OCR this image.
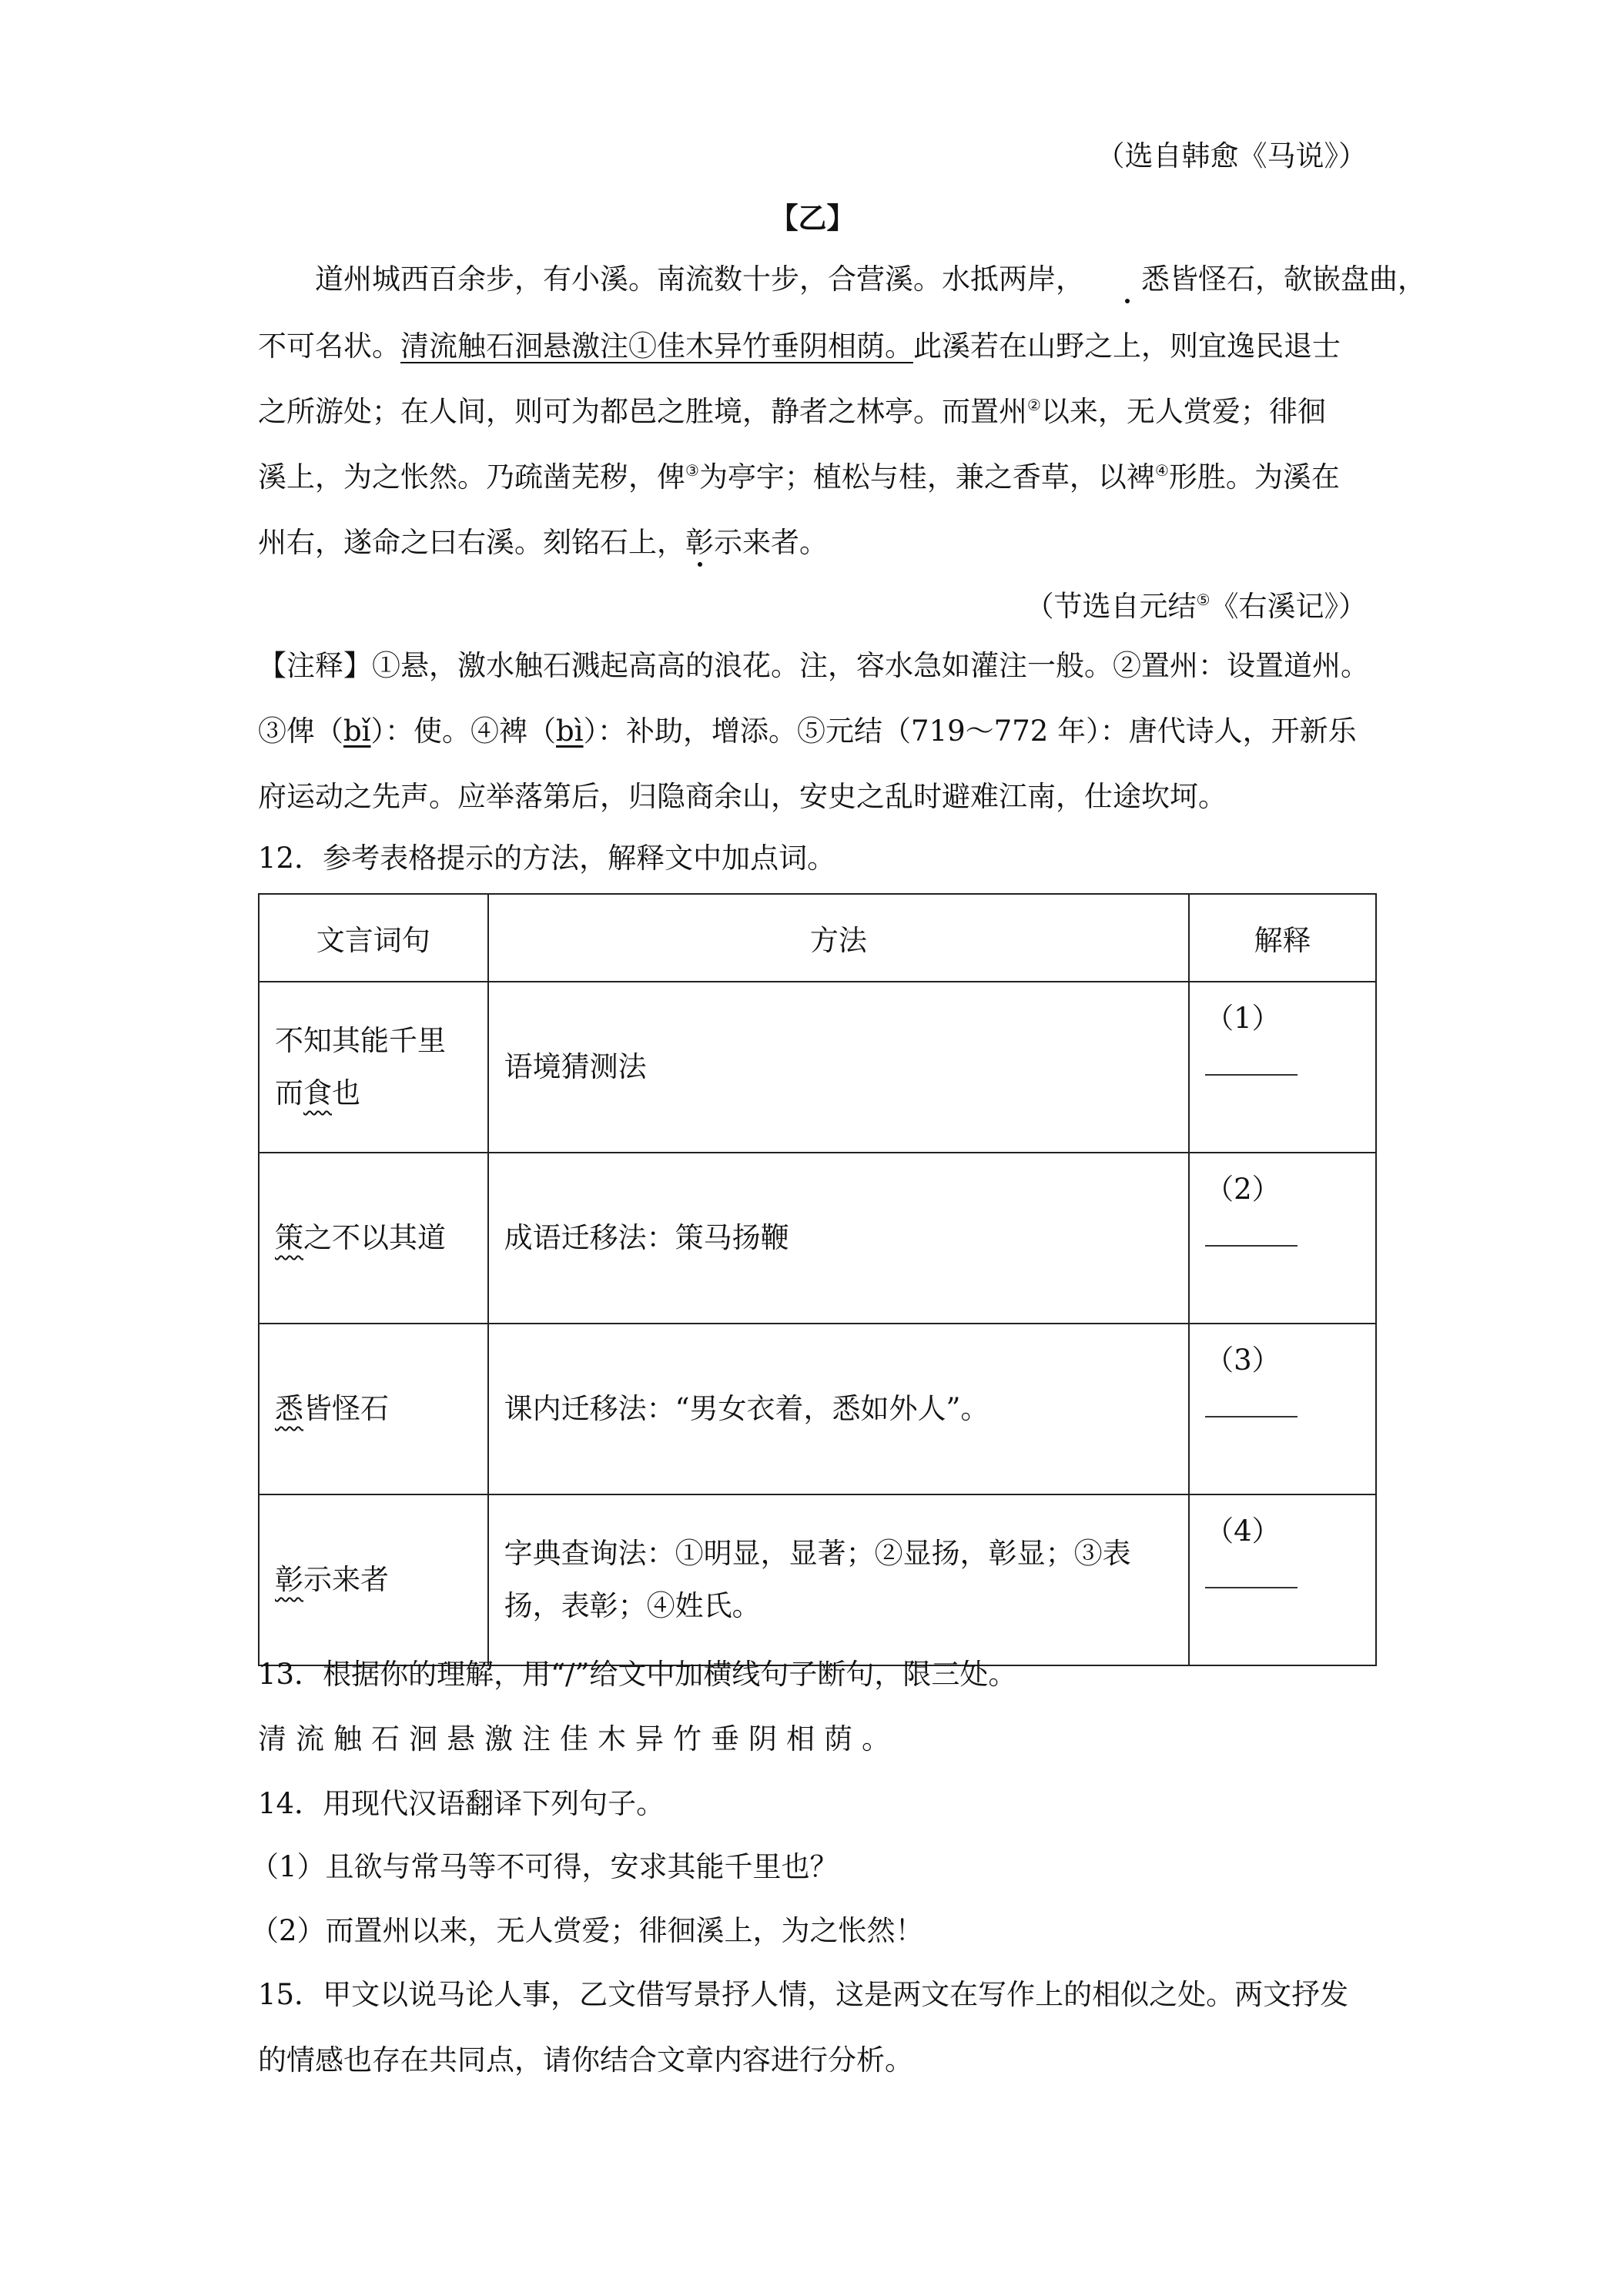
（选自韩愈《马说》）
【乙】
道州城西百余步，有小溪。南流数十步，合营溪。水抵两岸， 悉皆怪石，欹嵌盘曲，
不可名状。清流触石洄悬激注①佳木异竹垂阴相荫。此溪若在山野之上，则宜逸民退士
之所游处；在人间，则可为都邑之胜境，静者之林亭。而置州②以来，无人赏爱；徘徊
溪上，为之怅然。乃疏凿芜秽，俾③为亭宇；植松与桂，兼之香草，以裨④形胜。为溪在
州右，遂命之曰右溪。刻铭石上，彰示来者。
（节选自元结⑤《右溪记》）
【注释】①悬，激水触石溅起高高的浪花。注，容水急如灌注一般。②置州：设置道州。
③俾（bǐ）：使。④裨（bì）：补助，增添。⑤元结（719～772 年）：唐代诗人，开新乐
府运动之先声。应举落第后，归隐商余山，安史之乱时避难江南，仕途坎坷。
12．参考表格提示的方法，解释文中加点词。
文言词句	方法	解释
不知其能千里而食也	语境猜测法	（1）

策之不以其道	成语迁移法：策马扬鞭	（2）

悉皆怪石	课内迁移法：“男女衣着，悉如外人”。	（3）

彰示来者	字典查询法：①明显，显著；②显扬，彰显；③表扬，表彰；④姓氏。	（4）
13．根据你的理解，用“/”给文中加横线句子断句，限三处。
清流触石洄悬激注佳木异竹垂阴相荫。
14．用现代汉语翻译下列句子。
（1）且欲与常马等不可得，安求其能千里也？
（2）而置州以来，无人赏爱；徘徊溪上，为之怅然！
15．甲文以说马论人事，乙文借写景抒人情，这是两文在写作上的相似之处。两文抒发
的情感也存在共同点，请你结合文章内容进行分析。
